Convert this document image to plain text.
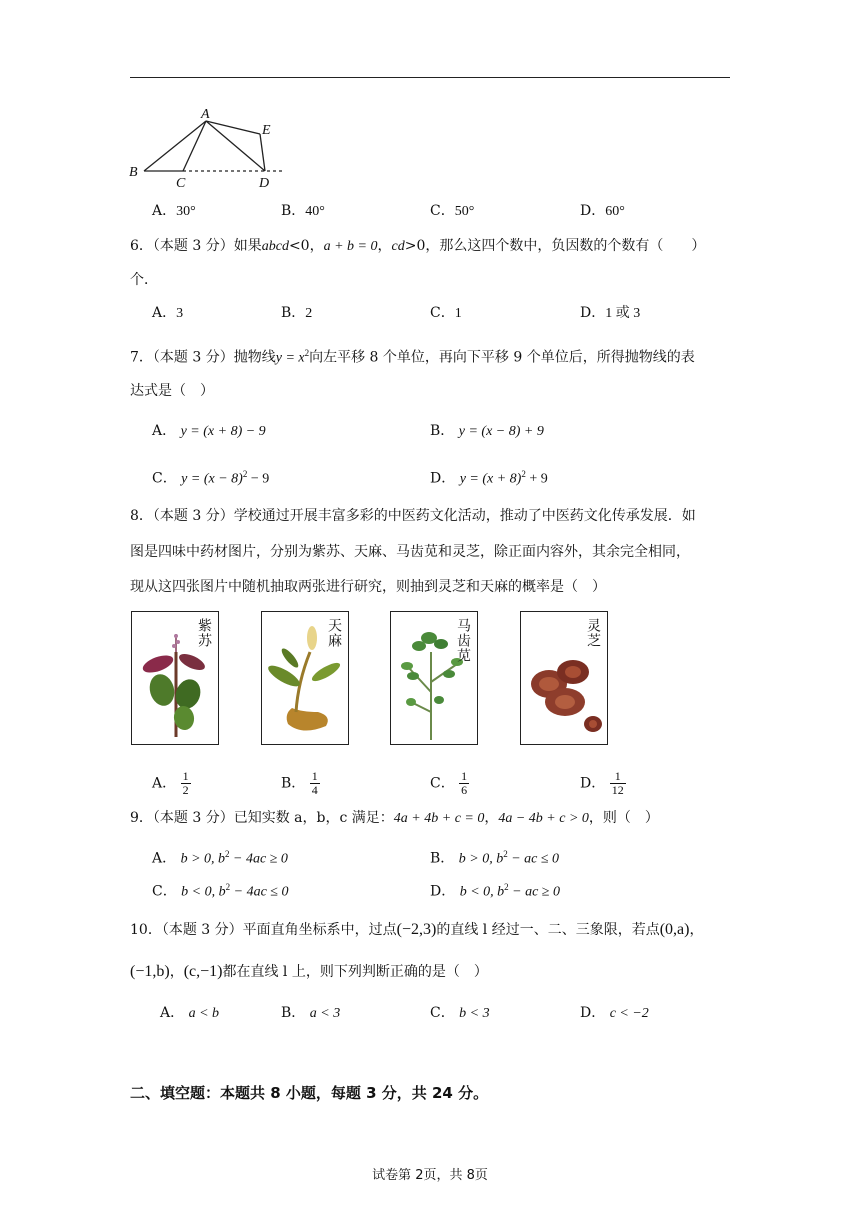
A
B
C	D
E
A．30°	B．40°	C．50°	D．60°
6．（本题 3 分）如果abcd<0，a + b = 0，cd>0，那么这四个数中，负因数的个数有（　　）
个．
A．3	B．2	C．1	D．1 或 3
7．（本题 3 分）抛物线$y = x^2$向左平移 8 个单位，再向下平移 9 个单位后，所得抛物线的表
达式是（　）
A． y = (x + 8) − 9	B． y = (x − 8) + 9
C． $y = (x - 8)^2 - 9$	D． $y = (x + 8)^2 + 9$
8．（本题 3 分）学校通过开展丰富多彩的中医药文化活动，推动了中医药文化传承发展．如
图是四味中药材图片，分别为紫苏、天麻、马齿苋和灵芝，除正面内容外，其余完全相同，
现从这四张图片中随机抽取两张进行研究，则抽到灵芝和天麻的概率是（　）
紫苏	天麻	马齿苋	灵芝
A． $\frac{1}{2}$	B． $\frac{1}{4}$	C． $\frac{1}{6}$	D． $\frac{1}{12}$
9．（本题 3 分）已知实数 a，b，c 满足：4a + 4b + c = 0，4a − 4b + c > 0，则（　）
A． b > 0, $b^2 - 4ac \ge 0$	B． b > 0, $b^2$ − ac ≤ 0
C． b < 0, $b^2 - 4ac \le 0$	D． b < 0, $b^2$ − ac ≥ 0
10．（本题 3 分）平面直角坐标系中，过点(−2,3)的直线 l 经过一、二、三象限，若点(0,a)，
(−1,b)，(c,−1)都在直线 l 上，则下列判断正确的是（　）
A． a < b	B． a < 3	C． b < 3	D． c < −2
二、填空题：本题共 8 小题，每题 3 分，共 24 分。
试卷第 2页，共 8页
